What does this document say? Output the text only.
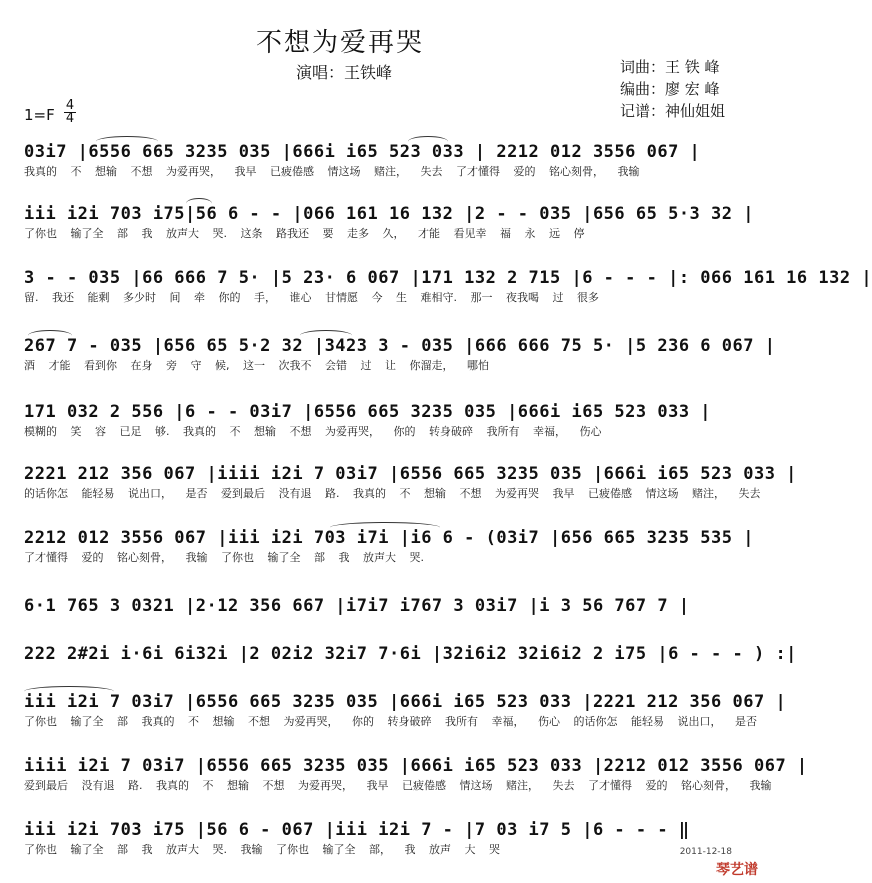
不想为爱再哭
演唱：王铁峰	词曲：王 铁 峰
编曲：廖 宏 峰
记谱：神仙姐姐
1=F
4
4
03i7 |6556 665 3235 035 |666i i65 523 033 | 2212 012 3556 067 |
我真的 不 想输 不想 为爱再哭， 我早 已疲倦感 情这场 赌注， 失去 了才懂得 爱的 铭心刻骨， 我输
iii i2i 703 i75|56 6 - - |066 161 16 132 |2 - - 035 |656 65 5·3 32 |
了你也 输了全 部 我 放声大 哭. 这条 路我还 要 走多 久， 才能 看见幸 福 永 远 停
3 - - 035 |66 666 7 5· |5 23· 6 067 |171 132 2 715 |6 - - - |: 066 161 16 132 |
留. 我还 能剩 多少时 间 牵 你的 手， 谁心 甘情愿 今 生 难相守. 那一 夜我喝 过 很多
267 7 - 035 |656 65 5·2 32 |3423 3 - 035 |666 666 75 5· |5 236 6 067 |
酒 才能 看到你 在身 旁 守 候, 这一 次我不 会错 过 让 你溜走， 哪怕
171 032 2 556 |6 - - 03i7 |6556 665 3235 035 |666i i65 523 033 |
模糊的 笑 容 已足 够. 我真的 不 想输 不想 为爱再哭， 你的 转身破碎 我所有 幸福， 伤心
2221 212 356 067 |iiii i2i 7 03i7 |6556 665 3235 035 |666i i65 523 033 |
的话你怎 能轻易 说出口， 是否 爱到最后 没有退 路. 我真的 不 想输 不想 为爱再哭 我早 已疲倦感 情这场 赌注， 失去
2212 012 3556 067 |iii i2i 703 i7i |i6 6 - (03i7 |656 665 3235 535 |
了才懂得 爱的 铭心刻骨， 我输 了你也 输了全 部 我 放声大 哭.
6·1 765 3 0321 |2·12 356 667 |i7i7 i767 3 03i7 |i 3 56 767 7 |
222 2#2i i·6i 6i32i |2 02i2 32i7 7·6i |32i6i2 32i6i2 2 i75 |6 - - - ) :|
iii i2i 7 03i7 |6556 665 3235 035 |666i i65 523 033 |2221 212 356 067 |
了你也 输了全 部 我真的 不 想输 不想 为爱再哭， 你的 转身破碎 我所有 幸福， 伤心 的话你怎 能轻易 说出口， 是否
iiii i2i 7 03i7 |6556 665 3235 035 |666i i65 523 033 |2212 012 3556 067 |
爱到最后 没有退 路. 我真的 不 想输 不想 为爱再哭， 我早 已疲倦感 情这场 赌注， 失去 了才懂得 爱的 铭心刻骨， 我输
iii i2i 703 i75 |56 6 - 067 |iii i2i 7 - |7 03 i7 5 |6 - - - ‖
了你也 输了全 部 我 放声大 哭. 我输 了你也 输了全 部， 我 放声 大 哭	2011-12-18
琴艺谱
